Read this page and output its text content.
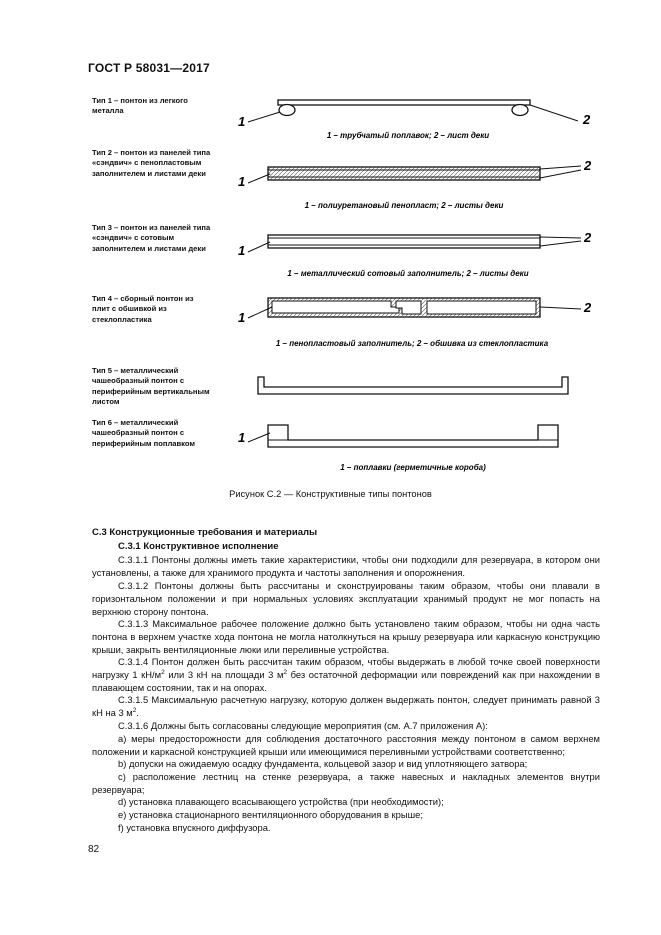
ГОСТ Р 58031—2017
Тип 1 – понтон из легкого металла
Тип 2 – понтон из панелей типа «сэндвич» с пенопластовым заполнителем и листами деки
Тип 3 – понтон из панелей типа «сэндвич» с сотовым заполнителем и листами деки
Тип 4 – сборный понтон из плит с обшивкой из стеклопластика
Тип 5 – металлический чашеобразный понтон с периферийным вертикальным листом
Тип 6 – металлический чашеобразный понтон с периферийным поплавком
1	2
1 – трубчатый поплавок; 2 – лист деки
1
2
1 – полиуретановый пенопласт; 2 – листы деки
1
2
1 – металлический сотовый заполнитель; 2 – листы деки
1
2
1 – пенопластовый заполнитель; 2 – обшивка из стеклопластика
1
1 – поплавки (герметичные короба)
Рисунок С.2 — Конструктивные типы понтонов
С.3 Конструкционные требования и материалы
С.3.1 Конструктивное исполнение
С.3.1.1 Понтоны должны иметь такие характеристики, чтобы они подходили для резервуара, в котором они установлены, а также для хранимого продукта и частоты заполнения и опорожнения.
С.3.1.2 Понтоны должны быть рассчитаны и сконструированы таким образом, чтобы они плавали в горизонтальном положении и при нормальных условиях эксплуатации хранимый продукт не мог попасть на верхнюю сторону понтона.
С.3.1.3 Максимальное рабочее положение должно быть установлено таким образом, чтобы ни одна часть понтона в верхнем участке хода понтона не могла натолкнуться на крышу резервуара или каркасную конструкцию крыши, закрыть вентиляционные люки или переливные устройства.
С.3.1.4 Понтон должен быть рассчитан таким образом, чтобы выдержать в любой точке своей поверхности нагрузку 1 $кН/м^2$ или 3 кН на площади 3 $м^2$ без остаточной деформации или повреждений как при нахождении в плавающем состоянии, так и на опорах.
С.3.1.5 Максимальную расчетную нагрузку, которую должен выдержать понтон, следует принимать равной 3 кН на 3 $м^2$.
С.3.1.6 Должны быть согласованы следующие мероприятия (см. А.7 приложения А):
a) меры предосторожности для соблюдения достаточного расстояния между понтоном в самом верхнем положении и каркасной конструкцией крыши или имеющимися переливными устройствами соответственно;
b) допуски на ожидаемую осадку фундамента, кольцевой зазор и вид уплотняющего затвора;
c) расположение лестниц на стенке резервуара, а также навесных и накладных элементов внутри резервуара;
d) установка плавающего всасывающего устройства (при необходимости);
e) установка стационарного вентиляционного оборудования в крыше;
f) установка впускного диффузора.
82
